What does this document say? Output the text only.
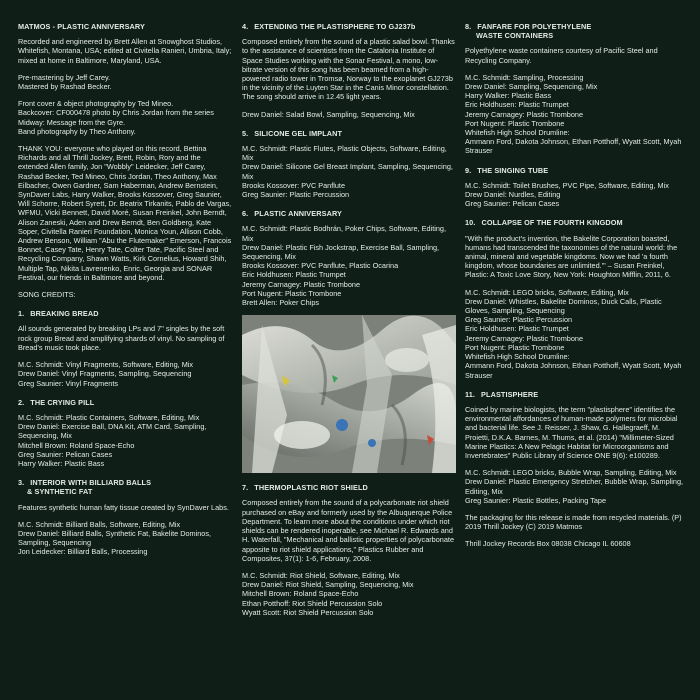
MATMOS - PLASTIC ANNIVERSARY

Recorded and engineered by Brett Allen at Snowghost Studios, Whitefish, Montana, USA; edited at Civitella Ranieri, Umbria, Italy; mixed at home in Baltimore, Maryland, USA.

Pre-mastering by Jeff Carey.
Mastered by Rashad Becker.

Front cover & object photography by Ted Mineo.
Backcover: CF000478 photo by Chris Jordan from the series Midway: Message from the Gyre.
Band photography by Theo Anthony.

THANK YOU: everyone who played on this record, Bettina Richards and all Thrill Jockey, Brett, Robin, Rory and the extended Allen family, Jon "Wobbly" Leidecker, Jeff Carey, Rashad Becker, Ted Mineo, Chris Jordan, Theo Anthony, Max Eilbacher, Owen Gardner, Sam Haberman, Andrew Bernstein, SynDaver Labs, Harry Walker, Brooks Kossover, Greg Saunier, Will Schorre, Robert Syrett, Dr. Beatrix Tirkanits, Pablo de Vargas, WFMU, Vicki Bennett, David Moré, Susan Freinkel, John Berndt, Alison Zaneski, Aden and Drew Berndt, Ben Goldberg, Kate Soper, Civitella Ranieri Foundation, Monica Youn, Allison Cobb, Andrew Benson, William "Abu the Flutemaker" Emerson, Francois Bonnet, Casey Tate, Henry Tate, Colter Tate, Pacific Steel and Recycling Company, Shawn Watts, Kirk Cornelius, Howard Shih, Multiple Tap, Nikita Lavrenenko, Enric, Georgia and SONAR Festival, our friends in Baltimore and beyond.

SONG CREDITS:

1. BREAKING BREAD

All sounds generated by breaking LPs and 7" singles by the soft rock group Bread and amplifying shards of vinyl. No sampling of Bread's music took place.

M.C. Schmidt: Vinyl Fragments, Software, Editing, Mix
Drew Daniel: Vinyl Fragments, Sampling, Sequencing
Greg Saunier: Vinyl Fragments

2. THE CRYING PILL

M.C. Schmidt: Plastic Containers, Software, Editing, Mix
Drew Daniel: Exercise Ball, DNA Kit, ATM Card, Sampling, Sequencing, Mix
Mitchell Brown: Roland Space-Echo
Greg Saunier: Pelican Cases
Harry Walker: Plastic Bass

3. INTERIOR WITH BILLIARD BALLS
& SYNTHETIC FAT

Features synthetic human fatty tissue created by SynDaver Labs.

M.C. Schmidt: Billiard Balls, Software, Editing, Mix
Drew Daniel: Billiard Balls, Synthetic Fat, Bakelite Dominos, Sampling, Sequencing
Jon Leidecker: Billiard Balls, Processing

4. EXTENDING THE PLASTISPHERE TO GJ237b

Composed entirely from the sound of a plastic salad bowl. Thanks to the assistance of scientists from the Catalonia Institute of Space Studies working with the Sonar Festival, a mono, low-bitrate version of this song has been beamed from a high-powered radio tower in Tromsø, Norway to the exoplanet GJ273b in the vicinity of the Luyten Star in the Canis Minor constellation. The song should arrive in 12.45 light years.

Drew Daniel: Salad Bowl, Sampling, Sequencing, Mix

5. SILICONE GEL IMPLANT

M.C. Schmidt: Plastic Flutes, Plastic Objects, Software, Editing, Mix
Drew Daniel: Silicone Gel Breast Implant, Sampling, Sequencing, Mix
Brooks Kossover: PVC Panflute
Greg Saunier: Plastic Percussion

6. PLASTIC ANNIVERSARY

M.C. Schmidt: Plastic Bodhrán, Poker Chips, Software, Editing, Mix
Drew Daniel: Plastic Fish Jockstrap, Exercise Ball, Sampling, Sequencing, Mix
Brooks Kossover: PVC Panflute, Plastic Ocarina
Eric Holdhusen: Plastic Trumpet
Jeremy Carnagey: Plastic Trombone
Port Nugent: Plastic Trombone
Brett Allen: Poker Chips

7. THERMOPLASTIC RIOT SHIELD

Composed entirely from the sound of a polycarbonate riot shield purchased on eBay and formerly used by the Albuquerque Police Department. To learn more about the conditions under which riot shields can be rendered inoperable, see Michael R. Edwards and H. Waterfall, "Mechanical and ballistic properties of polycarbonate apposite to riot shield applications," Plastics Rubber and Composites, 37(1): 1-6, February, 2008.

M.C. Schmidt: Riot Shield, Software, Editing, Mix
Drew Daniel: Riot Shield, Sampling, Sequencing, Mix
Mitchell Brown: Roland Space-Echo
Ethan Potthoff: Riot Shield Percussion Solo
Wyatt Scott: Riot Shield Percussion Solo

8. FANFARE FOR POLYETHYLENE
WASTE CONTAINERS

Polyethylene waste containers courtesy of Pacific Steel and Recycling Company.

M.C. Schmidt: Sampling, Processing
Drew Daniel: Sampling, Sequencing, Mix
Harry Walker: Plastic Bass
Eric Holdhusen: Plastic Trumpet
Jeremy Carnagey: Plastic Trombone
Port Nugent: Plastic Trombone
Whitefish High School Drumline:
Ammann Ford, Dakota Johnson, Ethan Potthoff, Wyatt Scott, Myah Strauser

9. THE SINGING TUBE

M.C. Schmidt: Toilet Brushes, PVC Pipe, Software, Editing, Mix
Drew Daniel: Nurdles, Editing
Greg Saunier: Pelican Cases

10. COLLAPSE OF THE FOURTH KINGDOM

"With the product's invention, the Bakelite Corporation boasted, humans had transcended the taxonomies of the natural world: the animal, mineral and vegetable kingdoms. Now we had 'a fourth kingdom, whose boundaries are unlimited.'" – Susan Freinkel, Plastic: A Toxic Love Story, New York: Houghton Mifflin, 2011, 6.

M.C. Schmidt: LEGO bricks, Software, Editing, Mix
Drew Daniel: Whistles, Bakelite Dominos, Duck Calls, Plastic Gloves, Sampling, Sequencing
Greg Saunier: Plastic Percussion
Eric Holdhusen: Plastic Trumpet
Jeremy Carnagey: Plastic Trombone
Port Nugent: Plastic Trombone
Whitefish High School Drumline:
Ammann Ford, Dakota Johnson, Ethan Potthoff, Wyatt Scott, Myah Strauser

11. PLASTISPHERE

Coined by marine biologists, the term "plastisphere" identifies the environmental affordances of human-made polymers for microbial and bacterial life. See J. Reisser, J. Shaw, G. Hallegraeff, M. Proietti, D.K.A. Barnes, M. Thums, et al. (2014) "Millimeter-Sized Marine Plastics: A New Pelagic Habitat for Microorganisms and Invertebrates" Public Library of Science ONE 9(6): e100289.

M.C. Schmidt: LEGO bricks, Bubble Wrap, Sampling, Editing, Mix
Drew Daniel: Plastic Emergency Stretcher, Bubble Wrap, Sampling, Editing, Mix
Greg Saunier: Plastic Bottles, Packing Tape

The packaging for this release is made from recycled materials. (P) 2019 Thrill Jockey (C) 2019 Matmos

Thrill Jockey Records Box 08038 Chicago IL 60608
